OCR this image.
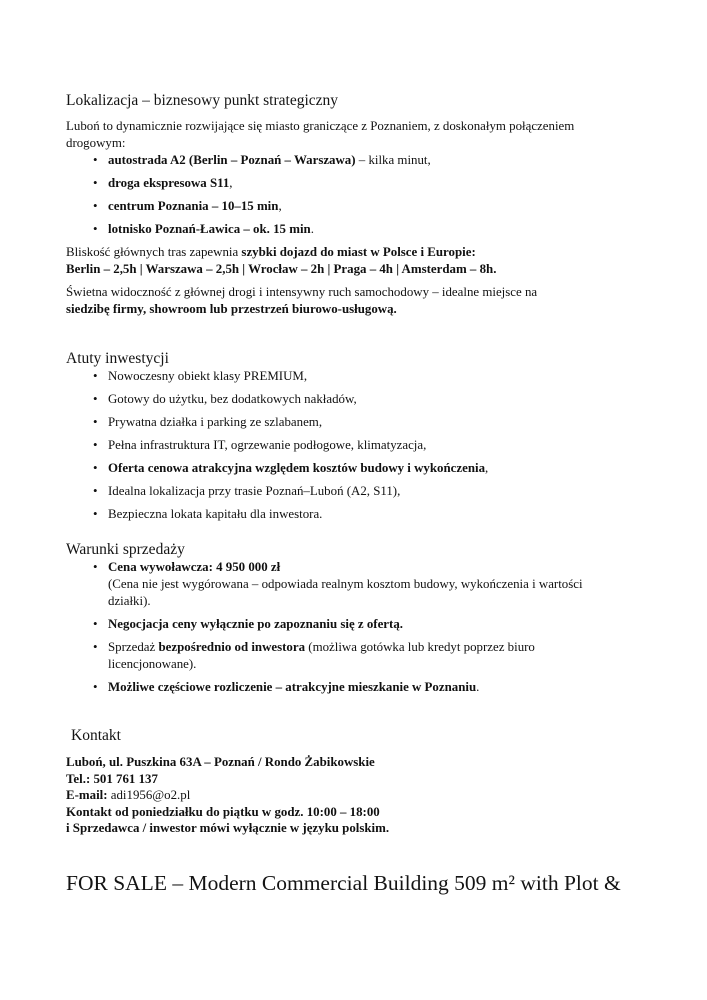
Lokalizacja – biznesowy punkt strategiczny

Luboń to dynamicznie rozwijające się miasto graniczące z Poznaniem, z doskonałym połączeniem
drogowym:

• autostrada A2 (Berlin – Poznań – Warszawa) – kilka minut,
• droga ekspresowa S11,
• centrum Poznania – 10–15 min,
• lotnisko Poznań-Ławica – ok. 15 min.

Bliskość głównych tras zapewnia szybki dojazd do miast w Polsce i Europie:
Berlin – 2,5h | Warszawa – 2,5h | Wrocław – 2h | Praga – 4h | Amsterdam – 8h.

Świetna widoczność z głównej drogi i intensywny ruch samochodowy – idealne miejsce na
siedzibę firmy, showroom lub przestrzeń biurowo-usługową.

Atuty inwestycji
• Nowoczesny obiekt klasy PREMIUM,
• Gotowy do użytku, bez dodatkowych nakładów,
• Prywatna działka i parking ze szlabanem,
• Pełna infrastruktura IT, ogrzewanie podłogowe, klimatyzacja,
• Oferta cenowa atrakcyjna względem kosztów budowy i wykończenia,
• Idealna lokalizacja przy trasie Poznań–Luboń (A2, S11),
• Bezpieczna lokata kapitału dla inwestora.
Warunki sprzedaży
• Cena wywoławcza: 4 950 000 zł
(Cena nie jest wygórowana – odpowiada realnym kosztom budowy, wykończenia i wartości
działki).
• Negocjacja ceny wyłącznie po zapoznaniu się z ofertą.
• Sprzedaż bezpośrednio od inwestora (możliwa gotówka lub kredyt poprzez biuro
licencjonowane).
• Możliwe częściowe rozliczenie – atrakcyjne mieszkanie w Poznaniu.
Kontakt
Luboń, ul. Puszkina 63A – Poznań / Rondo Żabikowskie
Tel.: 501 761 137
E-mail: adi1956@o2.pl
Kontakt od poniedziałku do piątku w godz. 10:00 – 18:00
i Sprzedawca / inwestor mówi wyłącznie w języku polskim.
FOR SALE – Modern Commercial Building 509 m² with Plot &
